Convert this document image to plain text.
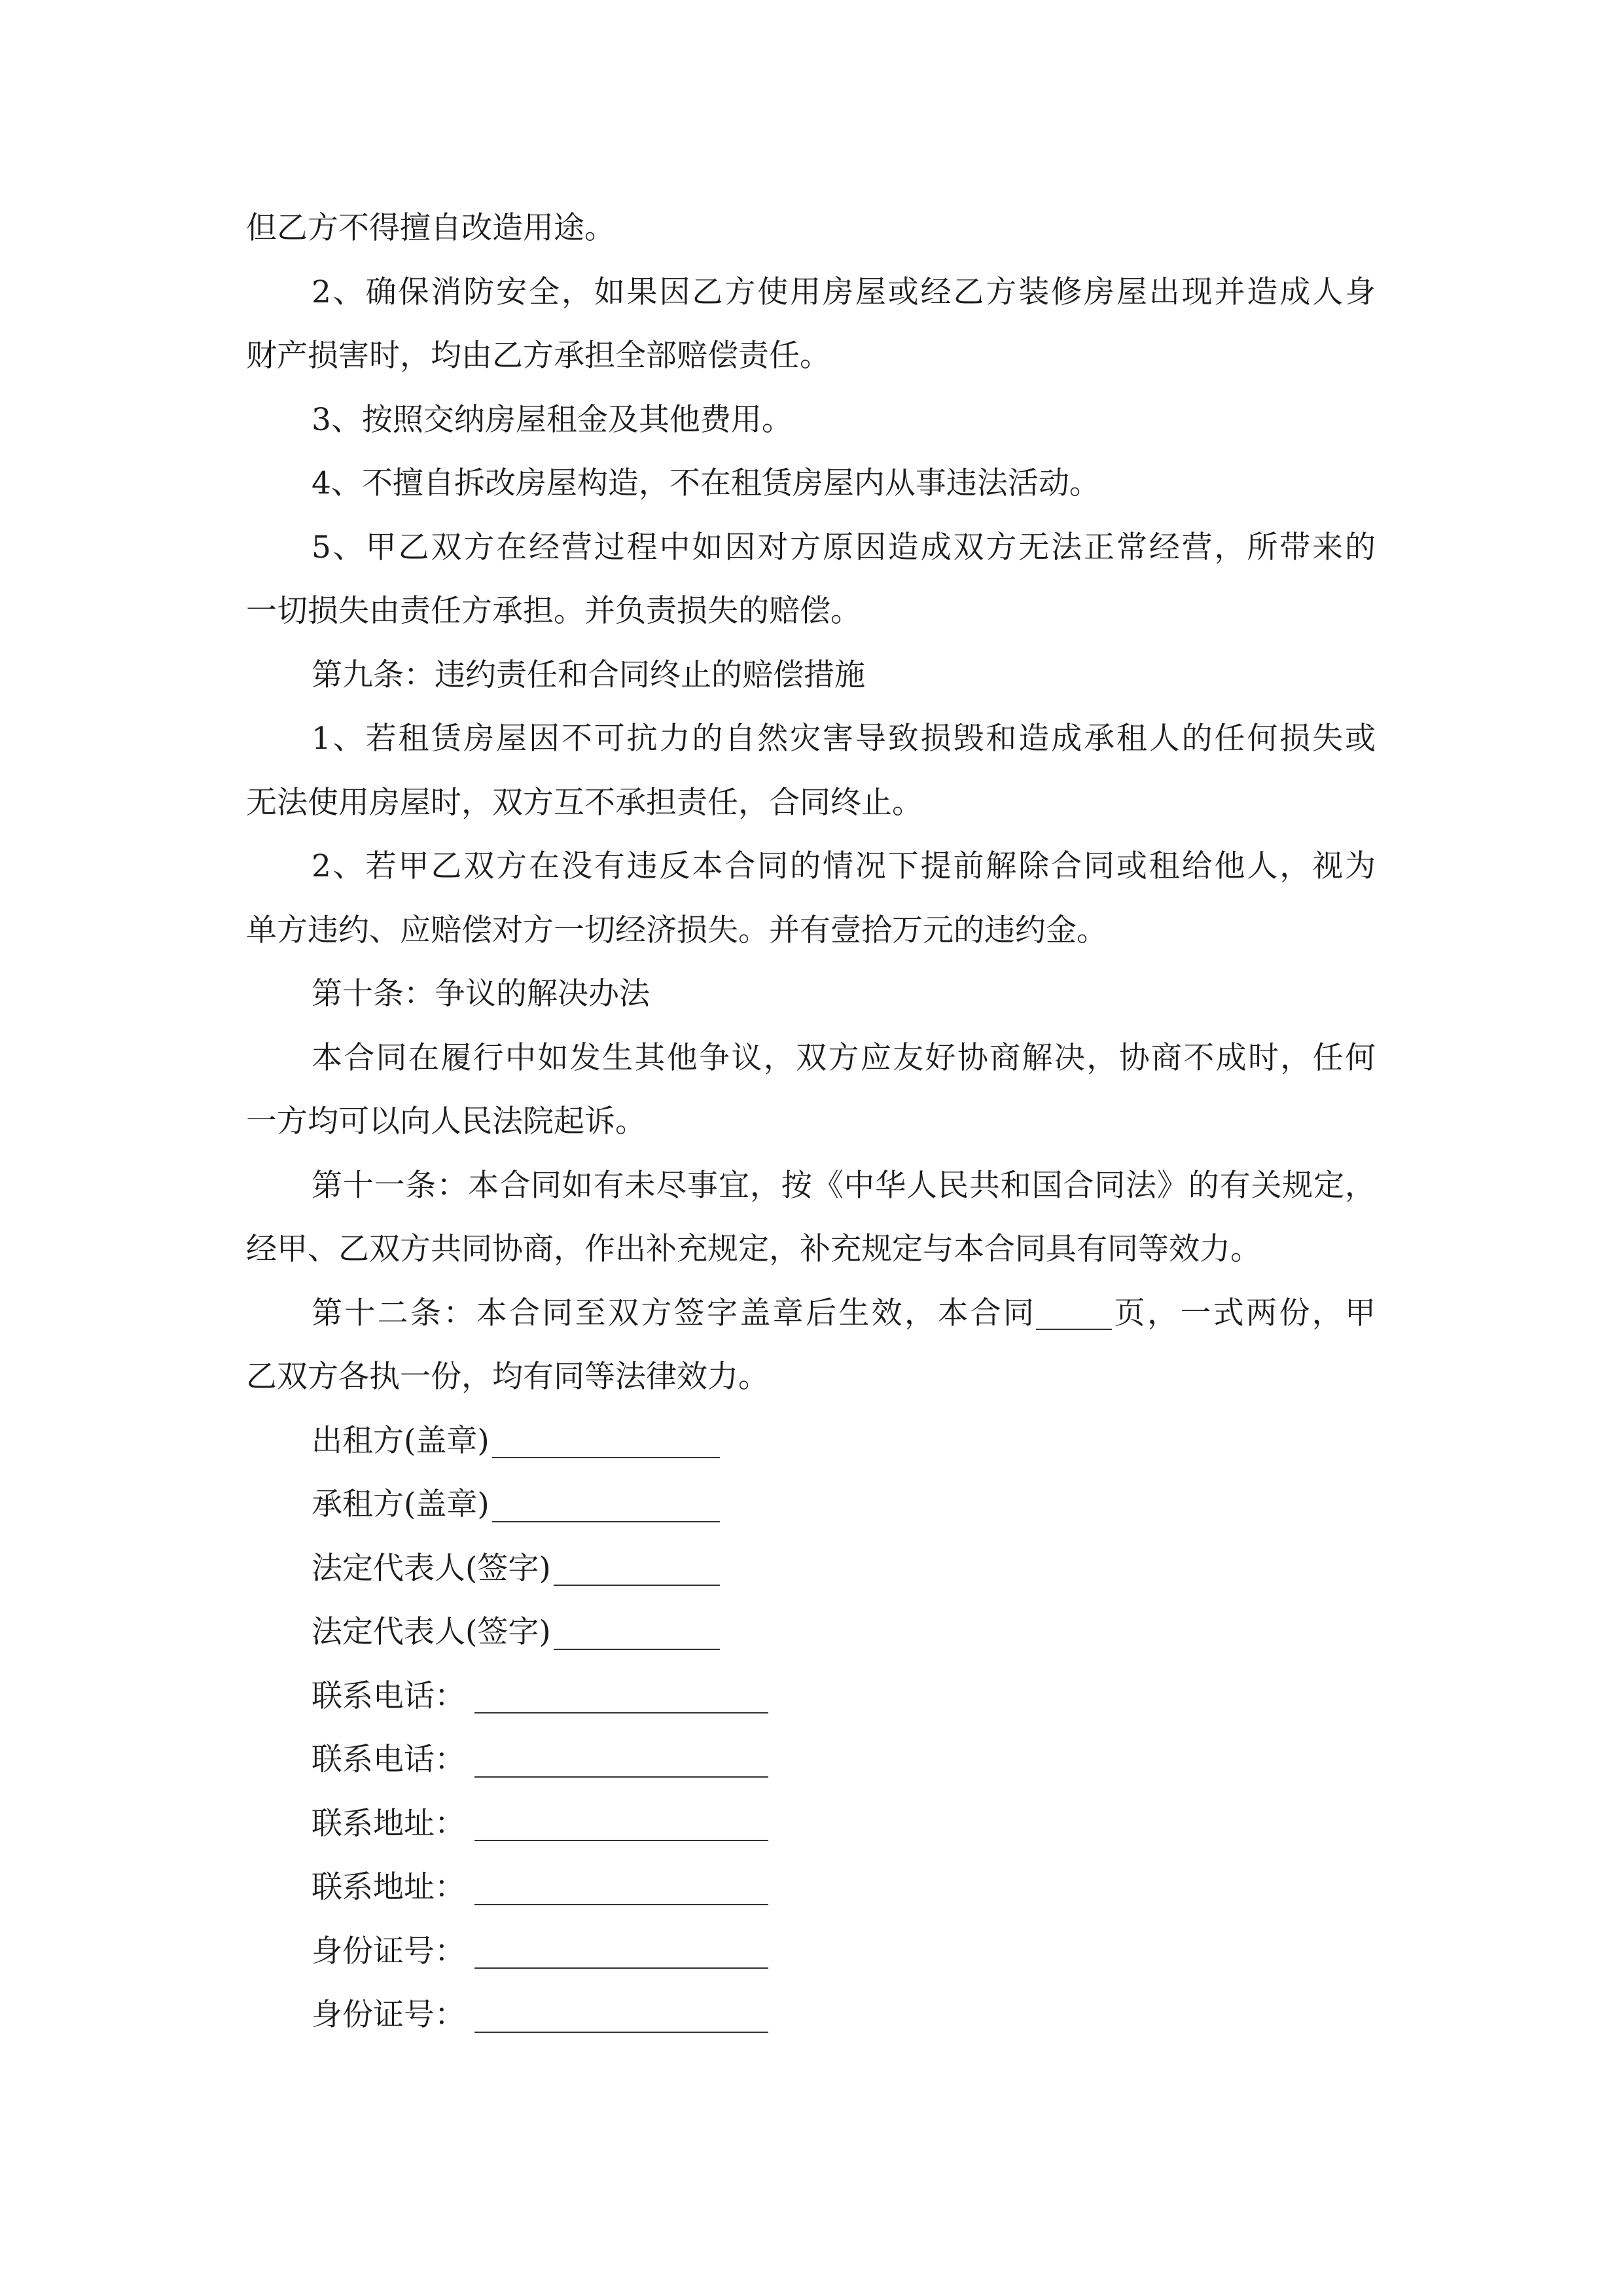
但乙方不得擅自改造用途。
2、确保消防安全，如果因乙方使用房屋或经乙方装修房屋出现并造成人身
财产损害时，均由乙方承担全部赔偿责任。
3、按照交纳房屋租金及其他费用。
4、不擅自拆改房屋构造，不在租赁房屋内从事违法活动。
5、甲乙双方在经营过程中如因对方原因造成双方无法正常经营，所带来的
一切损失由责任方承担。并负责损失的赔偿。
第九条：违约责任和合同终止的赔偿措施
1、若租赁房屋因不可抗力的自然灾害导致损毁和造成承租人的任何损失或
无法使用房屋时，双方互不承担责任，合同终止。
2、若甲乙双方在没有违反本合同的情况下提前解除合同或租给他人，视为
单方违约、应赔偿对方一切经济损失。并有壹拾万元的违约金。
第十条：争议的解决办法
本合同在履行中如发生其他争议，双方应友好协商解决，协商不成时，任何
一方均可以向人民法院起诉。
第十一条：本合同如有未尽事宜，按《中华人民共和国合同法》的有关规定，
经甲、乙双方共同协商，作出补充规定，补充规定与本合同具有同等效力。
第十二条：本合同至双方签字盖章后生效，本合同 页，一式两份，甲
乙双方各执一份，均有同等法律效力。
出租方(盖章)
承租方(盖章)
法定代表人(签字)
法定代表人(签字)
联系电话：
联系电话：
联系地址：
联系地址：
身份证号：
身份证号：
